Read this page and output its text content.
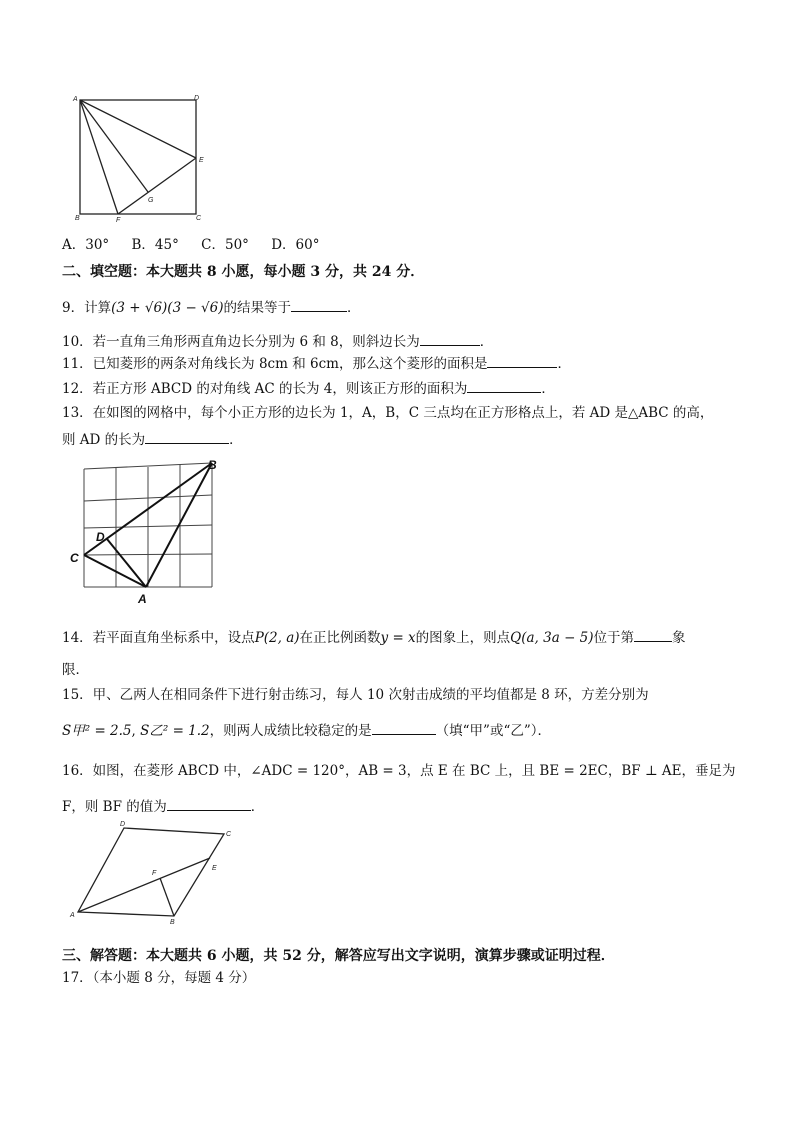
A	D
E
B	F
G
C
A．30° B．45° C．50° D．60°
二、填空题：本大题共 8 小愿，每小题 3 分，共 24 分．
9．计算(3 + √6)(3 − √6)的结果等于	．
10．若一直角三角形两直角边长分别为 6 和 8，则斜边长为	．
11．已知菱形的两条对角线长为 8cm 和 6cm，那么这个菱形的面积是	．
12．若正方形 ABCD 的对角线 AC 的长为 4，则该正方形的面积为	．
13．在如图的网格中，每个小正方形的边长为 1，A，B，C 三点均在正方形格点上，若 AD 是△ABC 的高，
则 AD 的长为	．
B
C
D
A
14．若平面直角坐标系中，设点P(2, a)在正比例函数y = x的图象上，则点Q(a, 3a − 5)位于第	象
限．
15．甲、乙两人在相同条件下进行射击练习，每人 10 次射击成绩的平均值都是 8 环，方差分别为
S甲² = 2.5, S乙² = 1.2，则两人成绩比较稳定的是	（填“甲”或“乙”）．
16．如图，在菱形 ABCD 中，∠ADC = 120°，AB = 3，点 E 在 BC 上，且 BE = 2EC，BF ⊥ AE，垂足为
F，则 BF 的值为	．
A
B
C
D
E
F
三、解答题：本大题共 6 小题，共 52 分，解答应写出文字说明，演算步骤或证明过程．
17．（本小题 8 分，每题 4 分）
